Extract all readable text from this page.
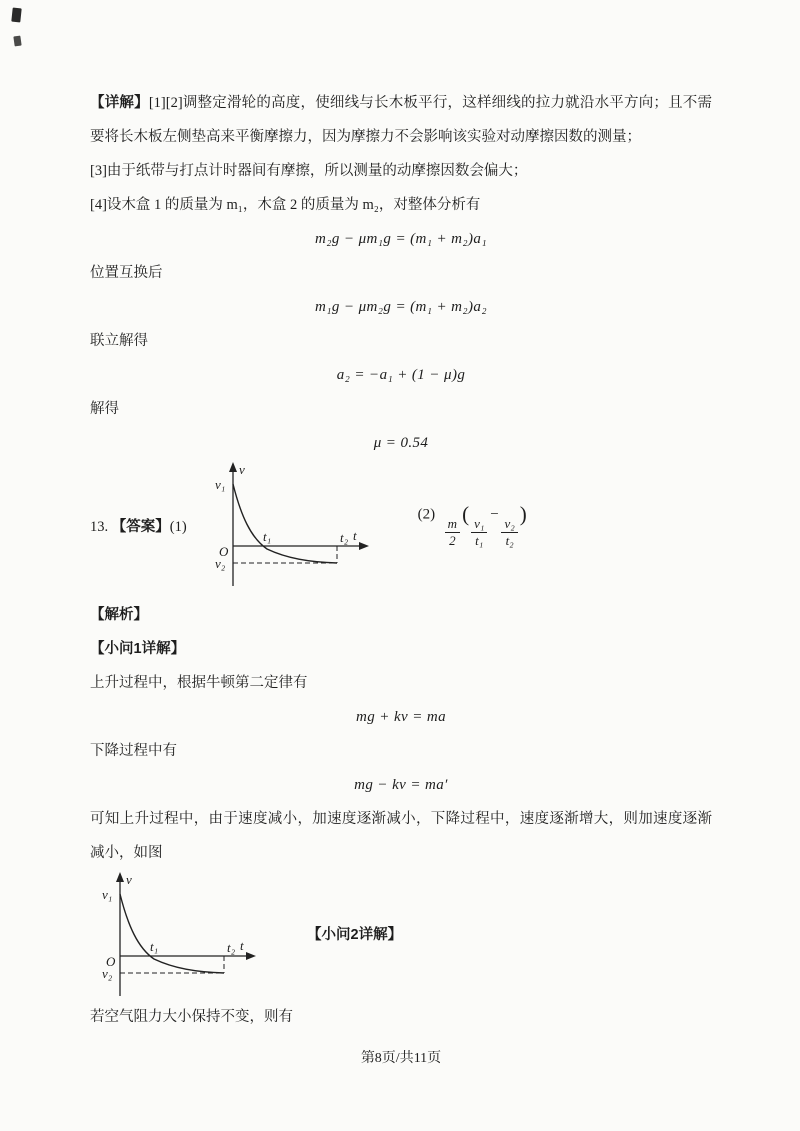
【详解】[1][2]调整定滑轮的高度，使细线与长木板平行，这样细线的拉力就沿水平方向；且不需要将长木板左侧垫高来平衡摩擦力，因为摩擦力不会影响该实验对动摩擦因数的测量；

[3]由于纸带与打点计时器间有摩擦，所以测量的动摩擦因数会偏大；

[4]设木盒 1 的质量为 m₁，木盒 2 的质量为 m₂，对整体分析有

m₂g − μm₁g = (m₁ + m₂)a₁

位置互换后

m₁g − μm₂g = (m₁ + m₂)a₂

联立解得

a₂ = −a₁ + (1 − μ)g

解得

μ = 0.54
13. 【答案】(1)
v
v₁
O
t₁	t₂ t
v₂
(2)
$\frac{m}{2}$
(
$\frac{\text{v₁}}{\text{t₁}}$
−
$\frac{\text{v₂}}{\text{t₂}}$
)
【解析】
【小问1详解】

上升过程中，根据牛顿第二定律有

mg + kv = ma

下降过程中有

mg − kv = ma′

可知上升过程中，由于速度减小，加速度逐渐减小，下降过程中，速度逐渐增大，则加速度逐渐减小，如图

v
v₁
O
t₁	t₂ t
v₂
【小问2详解】

若空气阻力大小保持不变，则有

第8页/共11页
